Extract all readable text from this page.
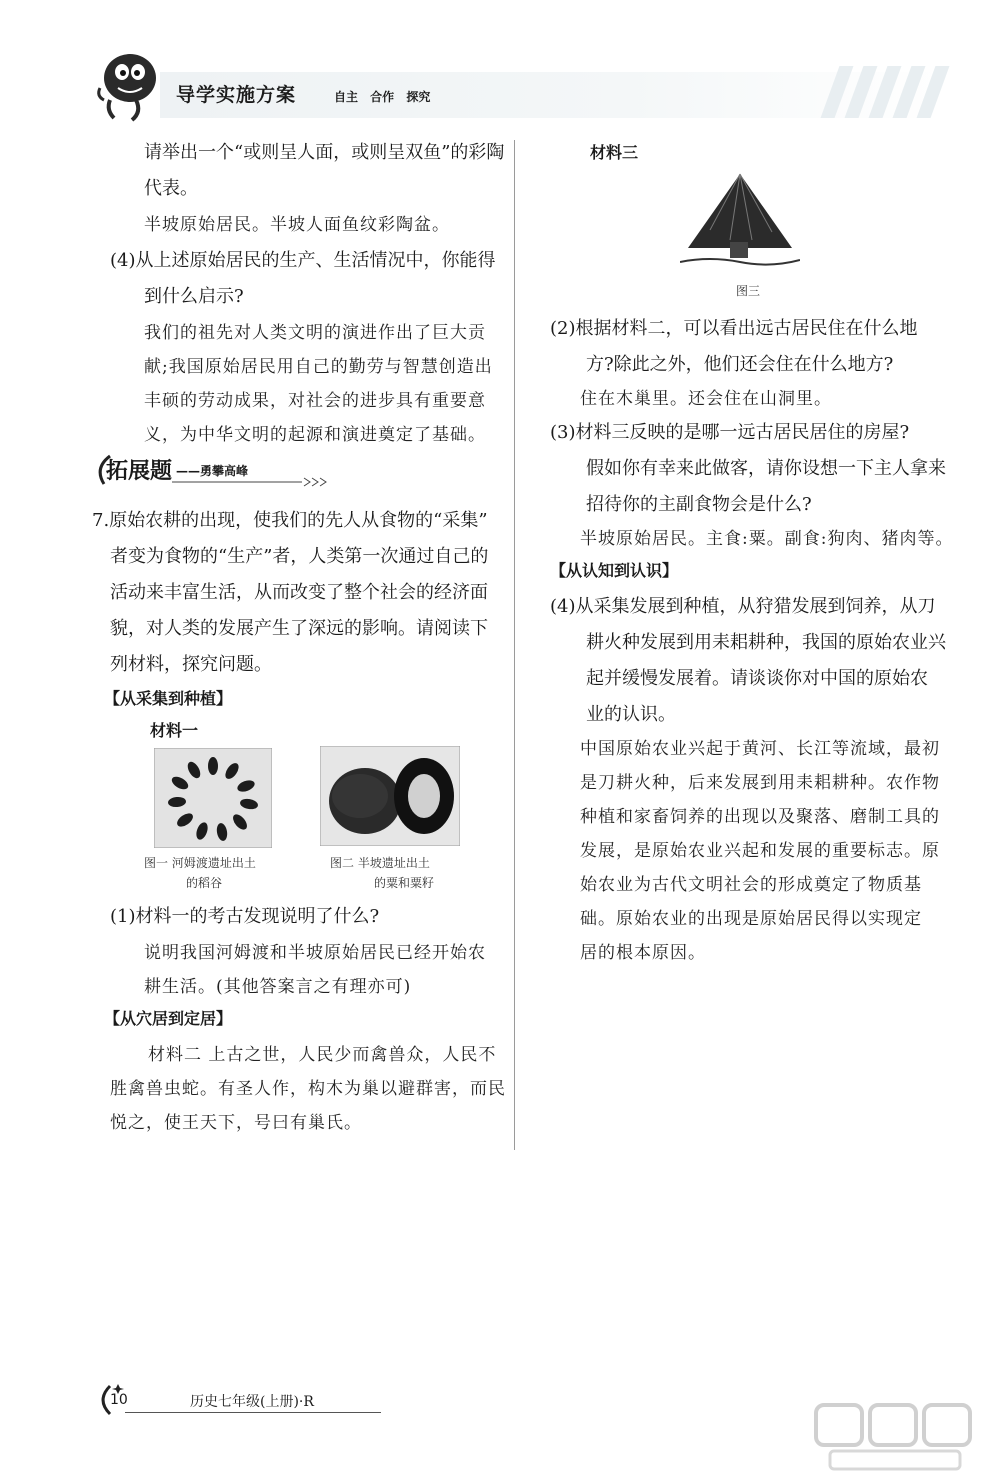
导学实施方案	自主 合作 探究
请举出一个“或则呈人面，或则呈双鱼”的彩陶
代表。
半坡原始居民。半坡人面鱼纹彩陶盆。
(4)从上述原始居民的生产、生活情况中，你能得
到什么启示?
我们的祖先对人类文明的演进作出了巨大贡
献;我国原始居民用自己的勤劳与智慧创造出
丰硕的劳动成果，对社会的进步具有重要意
义，为中华文明的起源和演进奠定了基础。
拓展题 ——勇攀高峰
7.原始农耕的出现，使我们的先人从食物的“采集”
者变为食物的“生产”者，人类第一次通过自己的
活动来丰富生活，从而改变了整个社会的经济面
貌，对人类的发展产生了深远的影响。请阅读下
列材料，探究问题。
【从采集到种植】
材料一
图一 河姆渡遗址出土
的稻谷
图二 半坡遗址出土
的粟和粟籽
(1)材料一的考古发现说明了什么?
说明我国河姆渡和半坡原始居民已经开始农
耕生活。(其他答案言之有理亦可)
【从穴居到定居】
材料二 上古之世，人民少而禽兽众，人民不
胜禽兽虫蛇。有圣人作，构木为巢以避群害，而民
悦之，使王天下，号曰有巢氏。
材料三
图三
(2)根据材料二，可以看出远古居民住在什么地
方?除此之外，他们还会住在什么地方?
住在木巢里。还会住在山洞里。
(3)材料三反映的是哪一远古居民居住的房屋?
假如你有幸来此做客，请你设想一下主人拿来
招待你的主副食物会是什么?
半坡原始居民。主食:粟。副食:狗肉、猪肉等。
【从认知到认识】
(4)从采集发展到种植，从狩猎发展到饲养，从刀
耕火种发展到用耒耜耕种，我国的原始农业兴
起并缓慢发展着。请谈谈你对中国的原始农
业的认识。
中国原始农业兴起于黄河、长江等流域，最初
是刀耕火种，后来发展到用耒耜耕种。农作物
种植和家畜饲养的出现以及聚落、磨制工具的
发展，是原始农业兴起和发展的重要标志。原
始农业为古代文明社会的形成奠定了物质基
础。原始农业的出现是原始居民得以实现定
居的根本原因。
10	历史七年级(上册)·R
